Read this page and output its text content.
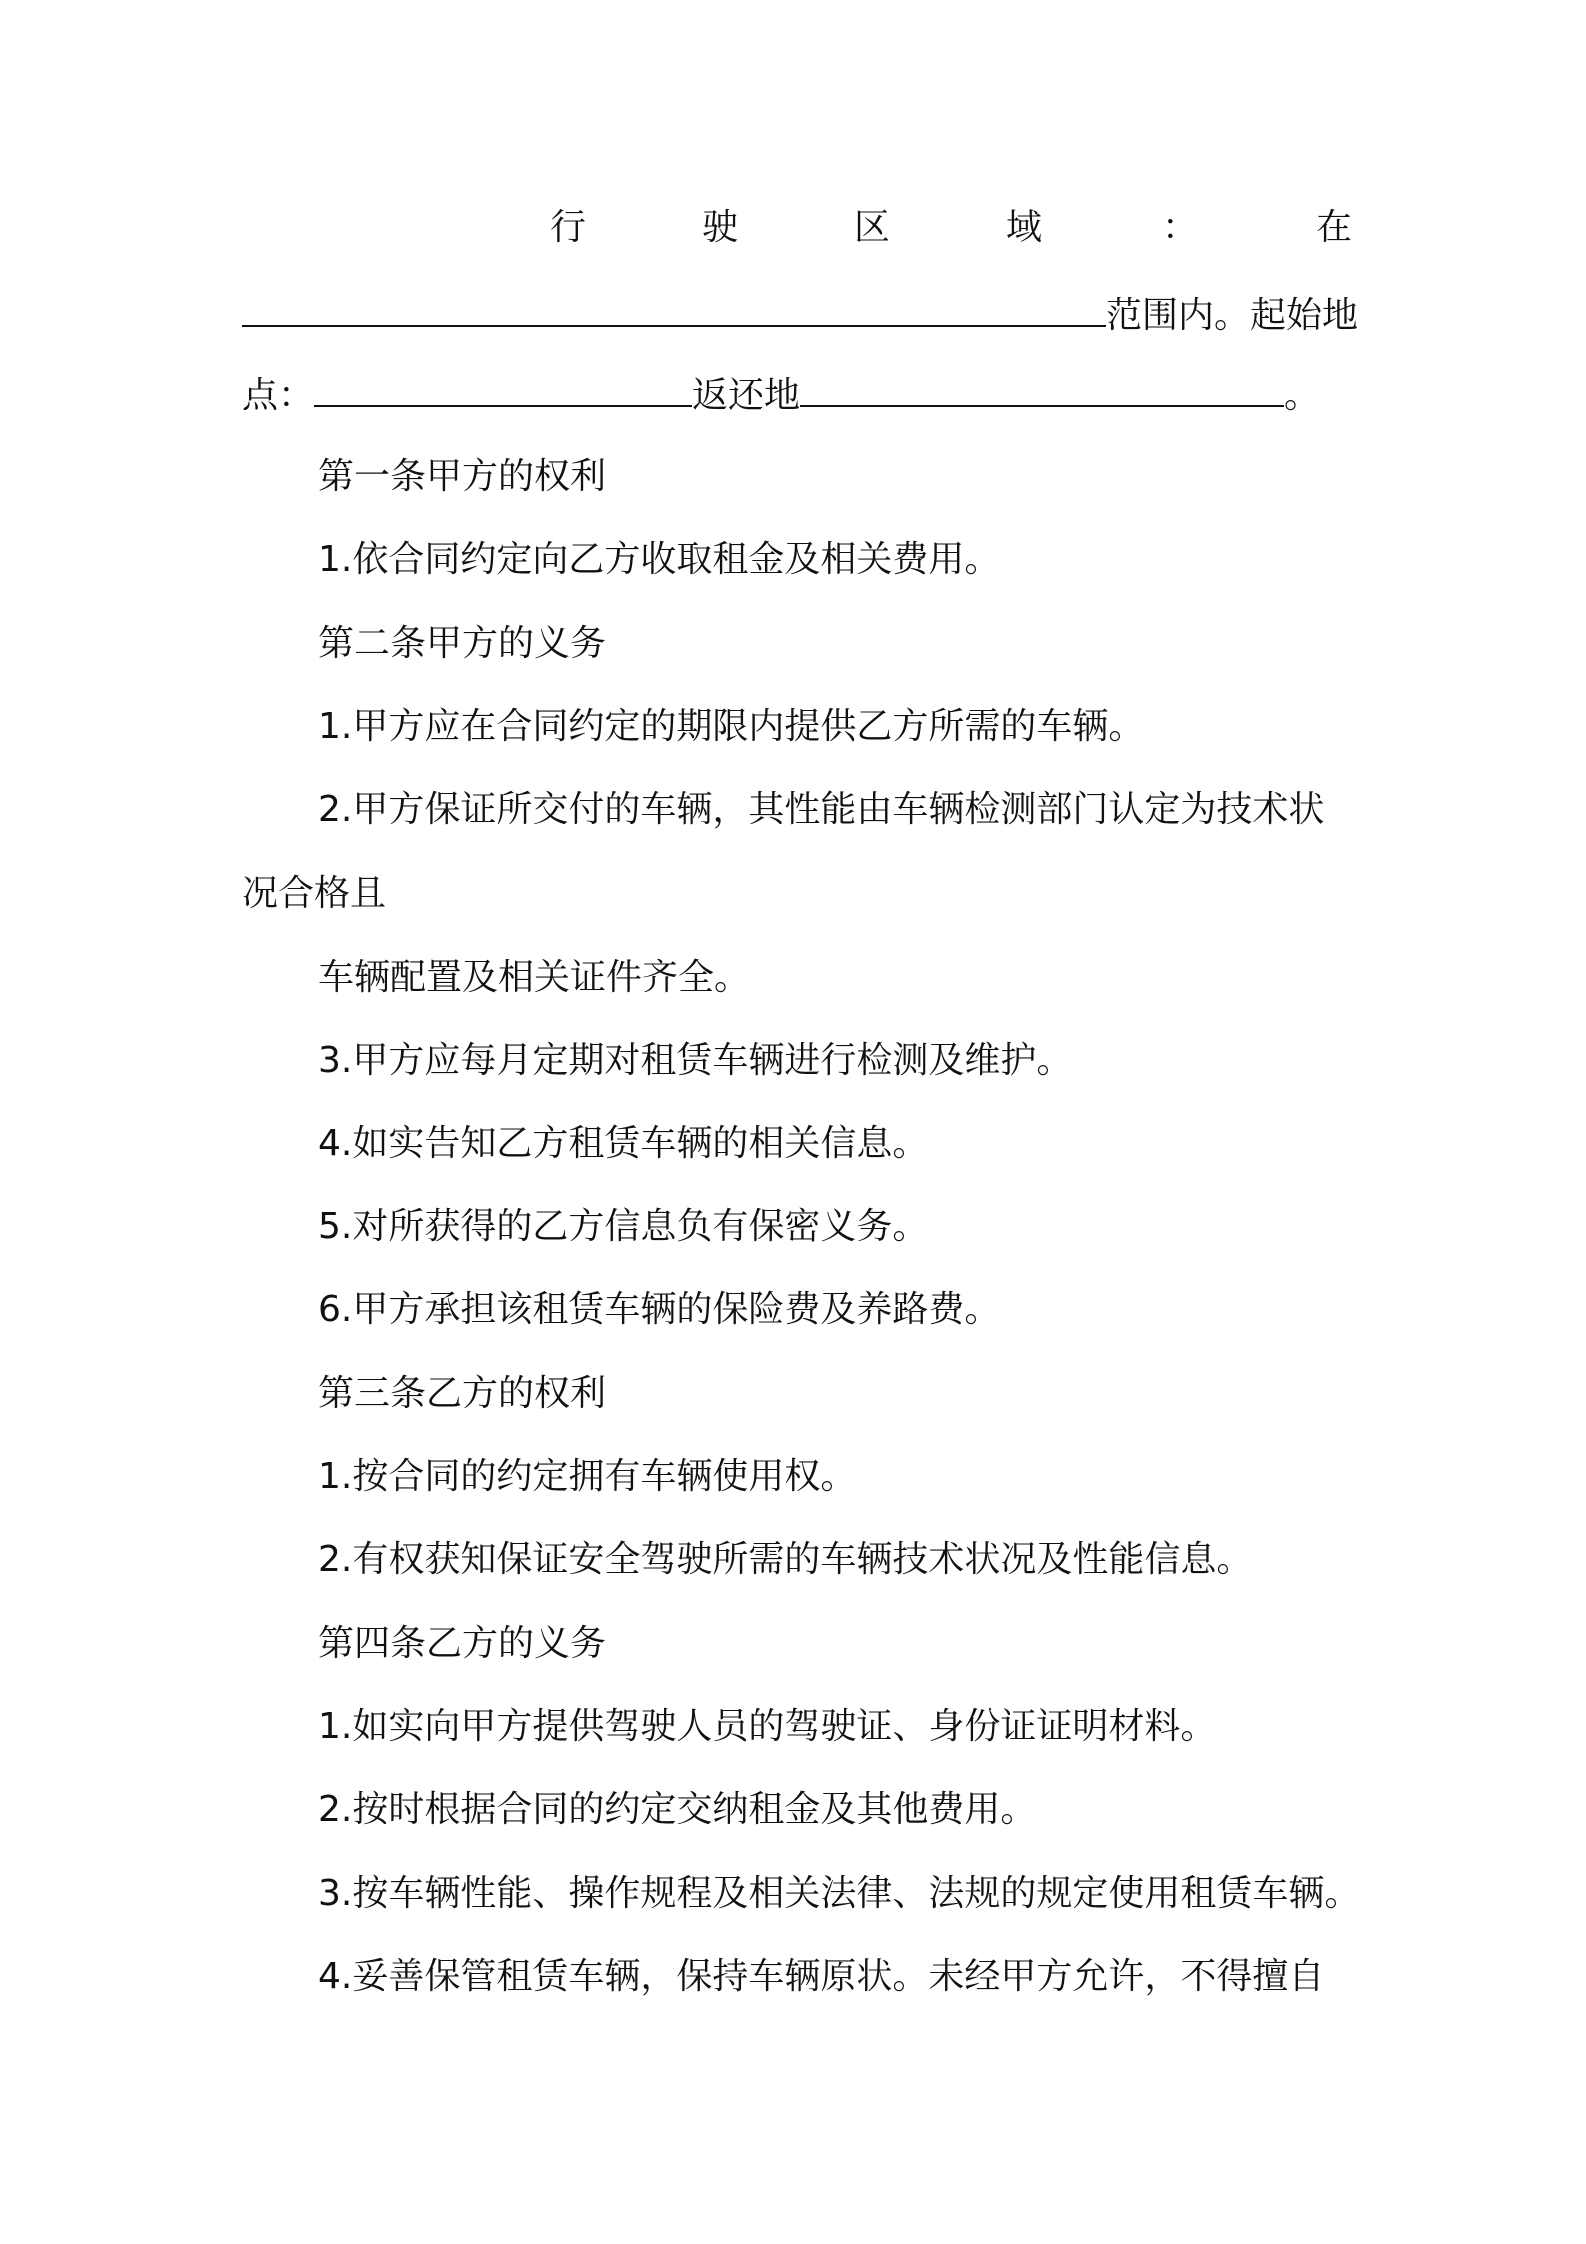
行	驶	区	域	：	在
范围内。起始地
点：	返还地	。
第一条甲方的权利
1.依合同约定向乙方收取租金及相关费用。
第二条甲方的义务
1.甲方应在合同约定的期限内提供乙方所需的车辆。
2.甲方保证所交付的车辆，其性能由车辆检测部门认定为技术状
况合格且
车辆配置及相关证件齐全。
3.甲方应每月定期对租赁车辆进行检测及维护。
4.如实告知乙方租赁车辆的相关信息。
5.对所获得的乙方信息负有保密义务。
6.甲方承担该租赁车辆的保险费及养路费。
第三条乙方的权利
1.按合同的约定拥有车辆使用权。
2.有权获知保证安全驾驶所需的车辆技术状况及性能信息。
第四条乙方的义务
1.如实向甲方提供驾驶人员的驾驶证、身份证证明材料。
2.按时根据合同的约定交纳租金及其他费用。
3.按车辆性能、操作规程及相关法律、法规的规定使用租赁车辆。
4.妥善保管租赁车辆，保持车辆原状。未经甲方允许，不得擅自
